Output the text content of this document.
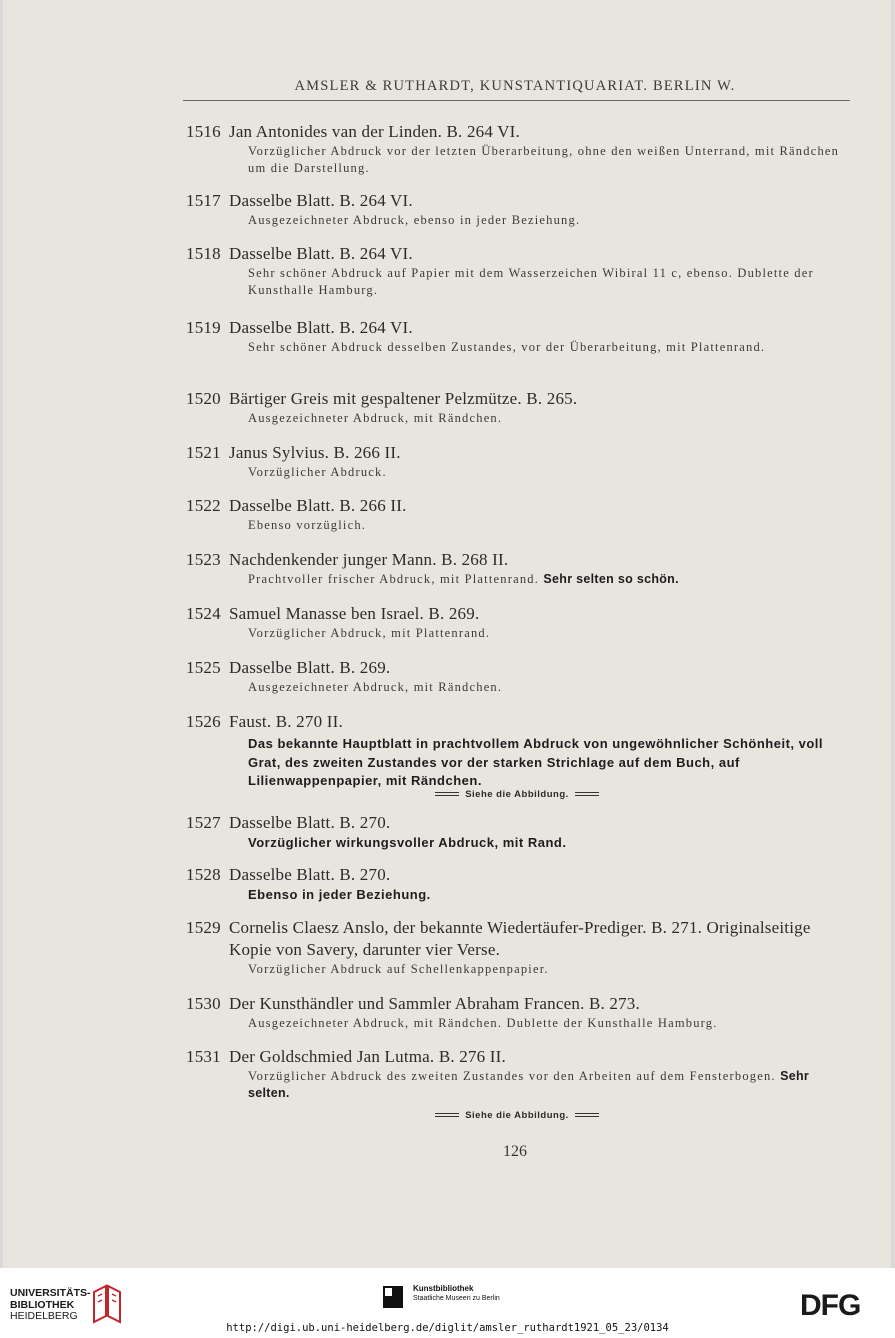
AMSLER & RUTHARDT, KUNSTANTIQUARIAT. BERLIN W.
1516 Jan Antonides van der Linden. B. 264 VI.
Vorzüglicher Abdruck vor der letzten Überarbeitung, ohne den weißen Unterrand, mit Rändchen um die Darstellung.
1517 Dasselbe Blatt. B. 264 VI.
Ausgezeichneter Abdruck, ebenso in jeder Beziehung.
1518 Dasselbe Blatt. B. 264 VI.
Sehr schöner Abdruck auf Papier mit dem Wasserzeichen Wibiral 11 c, ebenso. Dublette der Kunsthalle Hamburg.
1519 Dasselbe Blatt. B. 264 VI.
Sehr schöner Abdruck desselben Zustandes, vor der Überarbeitung, mit Plattenrand.
1520 Bärtiger Greis mit gespaltener Pelzmütze. B. 265.
Ausgezeichneter Abdruck, mit Rändchen.
1521 Janus Sylvius. B. 266 II.
Vorzüglicher Abdruck.
1522 Dasselbe Blatt. B. 266 II.
Ebenso vorzüglich.
1523 Nachdenkender junger Mann. B. 268 II.
Prachtvoller frischer Abdruck, mit Plattenrand. Sehr selten so schön.
1524 Samuel Manasse ben Israel. B. 269.
Vorzüglicher Abdruck, mit Plattenrand.
1525 Dasselbe Blatt. B. 269.
Ausgezeichneter Abdruck, mit Rändchen.
1526 Faust. B. 270 II.
Das bekannte Hauptblatt in prachtvollem Abdruck von ungewöhnlicher Schönheit, voll Grat, des zweiten Zustandes vor der starken Strichlage auf dem Buch, auf Lilienwappenpapier, mit Rändchen.
Siehe die Abbildung.
1527 Dasselbe Blatt. B. 270.
Vorzüglicher wirkungsvoller Abdruck, mit Rand.
1528 Dasselbe Blatt. B. 270.
Ebenso in jeder Beziehung.
1529 Cornelis Claesz Anslo, der bekannte Wiedertäufer-Prediger. B. 271. Originalseitige Kopie von Savery, darunter vier Verse.
Vorzüglicher Abdruck auf Schellenkappenpapier.
1530 Der Kunsthändler und Sammler Abraham Francen. B. 273.
Ausgezeichneter Abdruck, mit Rändchen. Dublette der Kunsthalle Hamburg.
1531 Der Goldschmied Jan Lutma. B. 276 II.
Vorzüglicher Abdruck des zweiten Zustandes vor den Arbeiten auf dem Fensterbogen. Sehr selten.
Siehe die Abbildung.
126
UNIVERSITÄTS-
BIBLIOTHEK
HEIDELBERG
Kunstbibliothek
Staatliche Museen zu Berlin	DFG
http://digi.ub.uni-heidelberg.de/diglit/amsler_ruthardt1921_05_23/0134
